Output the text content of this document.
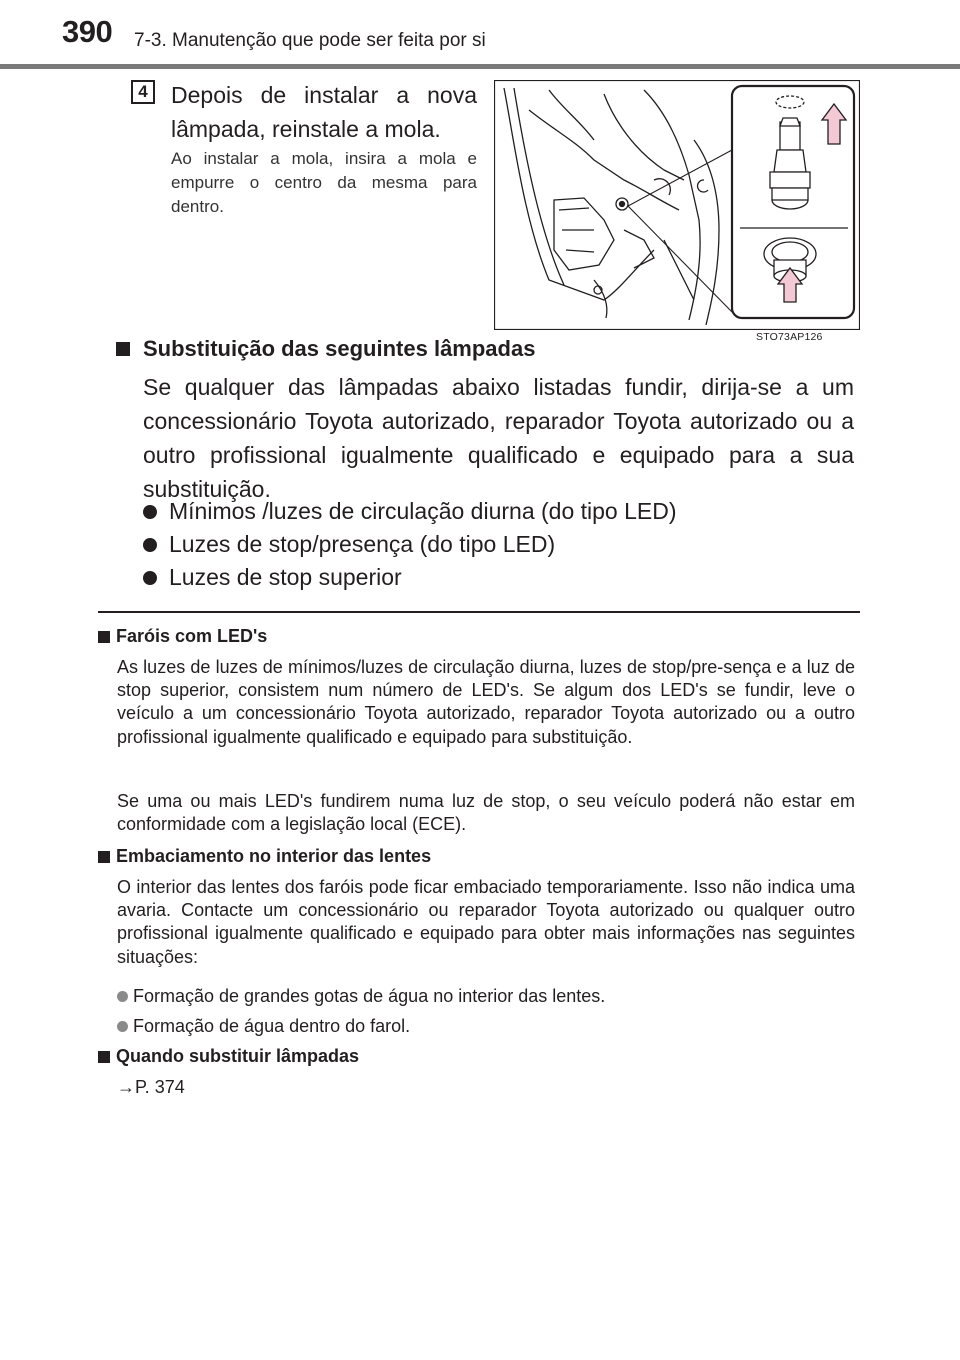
390 7-3. Manutenção que pode ser feita por si
4	Depois de instalar a nova lâmpada, reinstale a mola.
Ao instalar a mola, insira a mola e empurre o centro da mesma para dentro.
STO73AP126
Substituição das seguintes lâmpadas
Se qualquer das lâmpadas abaixo listadas fundir, dirija-se a um concessionário Toyota autorizado, reparador Toyota autorizado ou a outro profissional igualmente qualificado e equipado para a sua substituição.
Mínimos /luzes de circulação diurna (do tipo LED)
Luzes de stop/presença (do tipo LED)
Luzes de stop superior
Faróis com LED's
As luzes de luzes de mínimos/luzes de circulação diurna, luzes de stop/pre-sença e a luz de stop superior, consistem num número de LED's. Se algum dos LED's se fundir, leve o veículo a um concessionário Toyota autorizado, reparador Toyota autorizado ou a outro profissional igualmente qualificado e equipado para substituição.
Se uma ou mais LED's fundirem numa luz de stop, o seu veículo poderá não estar em conformidade com a legislação local (ECE).
Embaciamento no interior das lentes
O interior das lentes dos faróis pode ficar embaciado temporariamente. Isso não indica uma avaria. Contacte um concessionário ou reparador Toyota autorizado ou qualquer outro profissional igualmente qualificado e equipado para obter mais informações nas seguintes situações:
Formação de grandes gotas de água no interior das lentes.
Formação de água dentro do farol.
Quando substituir lâmpadas
→P. 374
